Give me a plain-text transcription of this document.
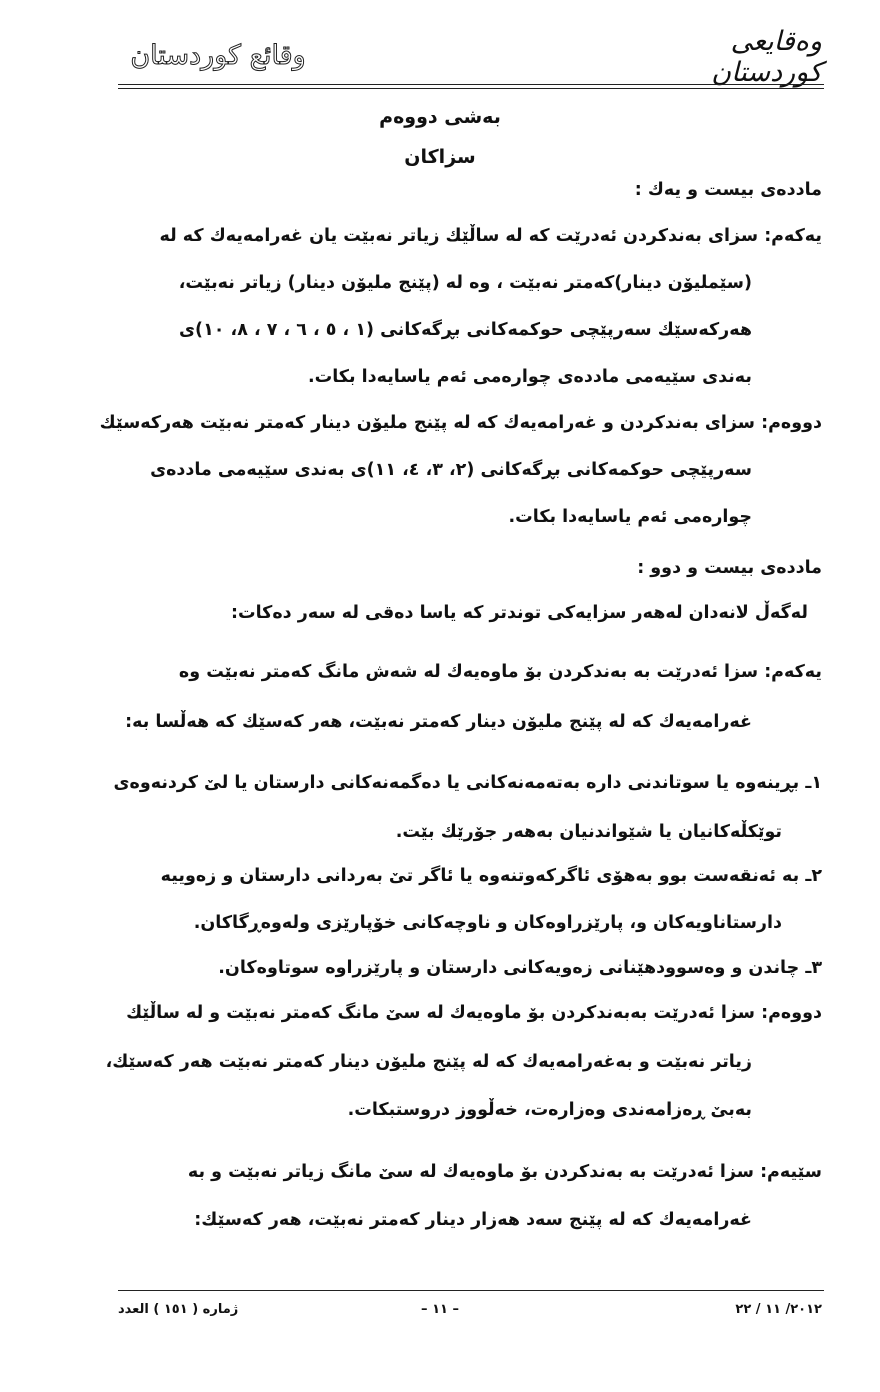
وقائع كوردستان	وەقایعی کوردستان
بەشی دووەم
سزاکان
ماددەی بیست و یەك :
یەکەم: سزای بەندکردن ئەدرێت کە لە ساڵێك زیاتر نەبێت یان غەرامەیەك کە لە
(سێملیۆن دینار)کەمتر نەبێت ، وە لە (پێنج ملیۆن دینار) زیاتر نەبێت،
هەرکەسێك سەرپێچی حوکمەکانی بڕگەکانی (۱ ، ٥ ، ٦ ، ۷ ، ۸، ۱۰)ی
بەندی سێیەمی ماددەی چوارەمی ئەم یاسایەدا بکات.
دووەم: سزای بەندکردن و غەرامەیەك کە لە پێنج ملیۆن دینار کەمتر نەبێت هەرکەسێك
سەرپێچی حوکمەکانی بڕگەکانی (۲، ۳، ٤، ۱۱)ی بەندی سێیەمی ماددەی
چوارەمی ئەم یاسایەدا بکات.
ماددەی بیست و دوو :
لەگەڵ لانەدان لەهەر سزایەکی توندتر کە یاسا دەقی لە سەر دەکات:
یەکەم: سزا ئەدرێت بە بەندکردن بۆ ماوەیەك لە شەش مانگ کەمتر نەبێت وە
غەرامەیەك کە لە پێنج ملیۆن دینار کەمتر نەبێت، هەر کەسێك کە هەڵسا بە:
۱ـ بڕینەوە یا سوتاندنی دارە بەتەمەنەکانی یا دەگمەنەکانی دارستان یا لێ کردنەوەی
توێکڵەکانیان یا شێواندنیان بەهەر جۆرێك بێت.
۲ـ بە ئەنقەست بوو بەهۆی ئاگرکەوتنەوە یا ئاگر تێ بەردانی دارستان و زەوییە
دارستاناویەکان و، پارێزراوەکان و ناوچەکانی خۆپارێزی ولەوەڕگاکان.
۳ـ چاندن و وەسوودهێنانی زەویەکانی دارستان و پارێزراوە سوتاوەکان.
دووەم: سزا ئەدرێت بەبەندکردن بۆ ماوەیەك لە سێ مانگ کەمتر نەبێت و لە ساڵێك
زیاتر نەبێت و بەغەرامەیەك کە لە پێنج ملیۆن دینار کەمتر نەبێت هەر کەسێك،
بەبێ ڕەزامەندی وەزارەت، خەڵووز دروستبکات.
سێیەم: سزا ئەدرێت بە بەندکردن بۆ ماوەیەك لە سێ مانگ زیاتر نەبێت و بە
غەرامەیەك کە لە پێنج سەد هەزار دینار کەمتر نەبێت، هەر کەسێك:
۲۰۱۲/ ۱۱ / ۲۲
– ۱۱ –
ژمارە ( ۱٥۱ ) العدد
